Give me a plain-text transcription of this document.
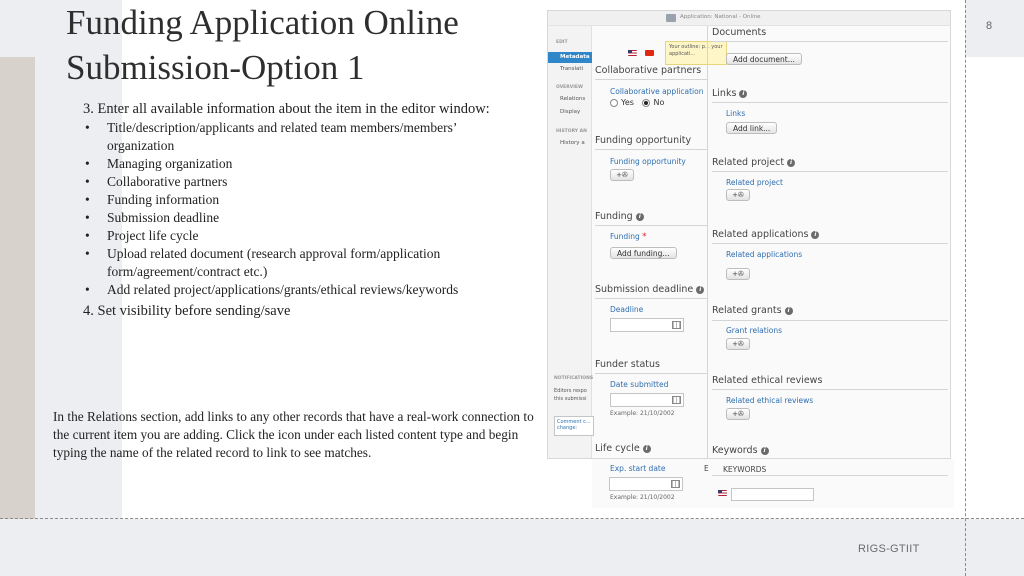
8
RIGS-GTIIT
Funding Application Online Submission-Option 1
3. Enter all available information about the item in the editor window:
• Title/description/applicants and related team members/members’ organization
• Managing organization
• Collaborative partners
• Funding information
• Submission deadline
• Project life cycle
• Upload related document (research approval form/application form/agreement/contract etc.)
• Add related project/applications/grants/ethical reviews/keywords
4. Set visibility before sending/save
In the Relations section, add links to any other records that have a real-work connection to the current item you are adding. Click the icon under each listed content type and begin typing the name of the related record to link to see matches.
Application: National - Online
EDIT
Metadata
Translati
OVERVIEW
Relations
Display
HISTORY AN
History a
NOTIFICATIONS
Editors respo
this submissi
Comment c... change:

Your outline: p... your applicati...
Collaborative partners
Collaborative application
Yes No
Funding opportunity
Funding opportunity
+✇
Funding i
Funding *
Add funding...
Submission deadline i
Deadline
Funder status
Date submitted
Example: 21/10/2002
Life cycle i
Documents
Add document...
Links i
Links
Add link...
Related project i
Related project
+✇
Related applications i
Related applications
+✇
Related grants i
Grant relations
+✇
Related ethical reviews
Related ethical reviews
+✇
Keywords i
Exp. start date	E
Example: 21/10/2002
KEYWORDS
